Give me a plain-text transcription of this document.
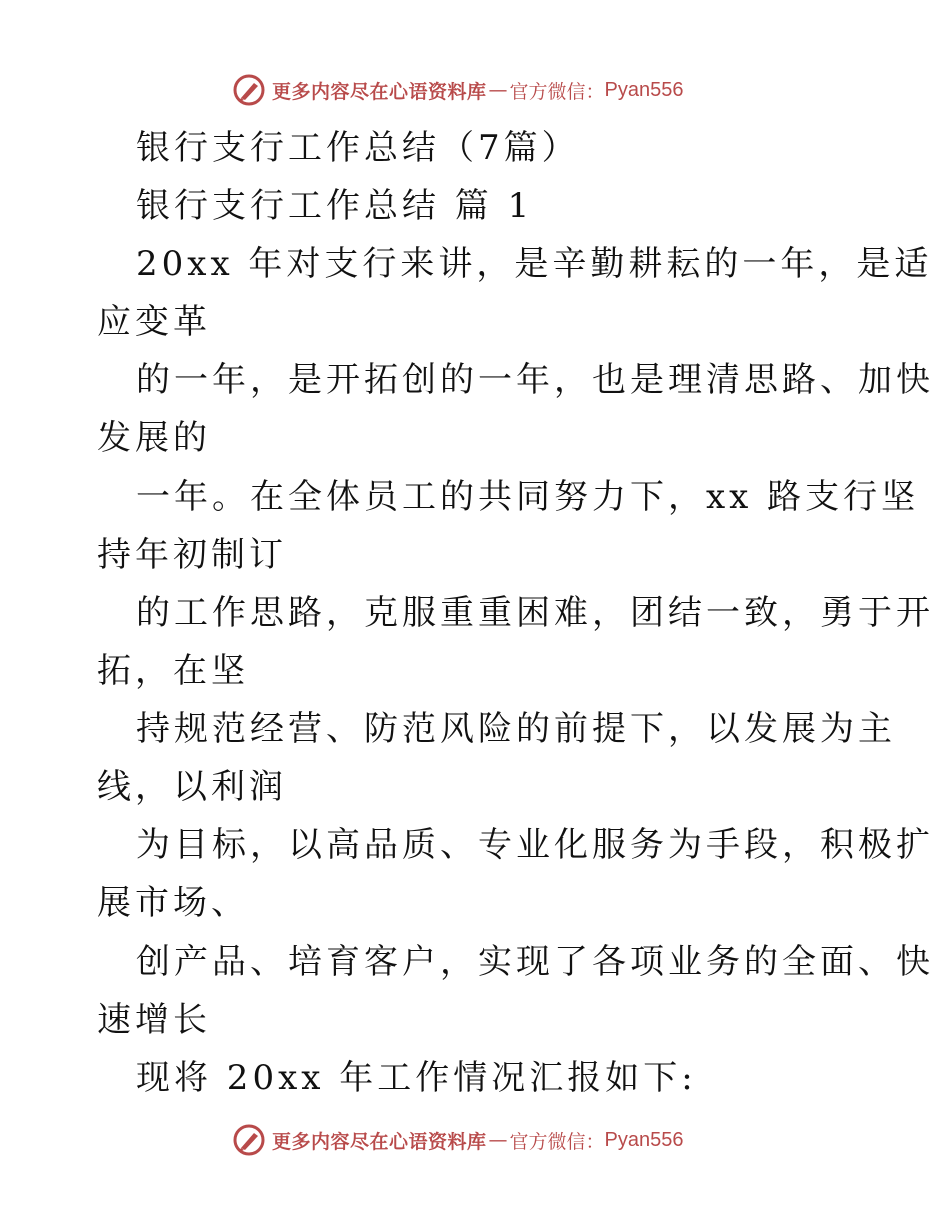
更多内容尽在心语资料库 — 官方微信： Pyan556
银行支行工作总结（7篇）
银行支行工作总结 篇 1
20xx 年对支行来讲，是辛勤耕耘的一年，是适
应变革
的一年，是开拓创的一年，也是理清思路、加快
发展的
一年。在全体员工的共同努力下，xx 路支行坚
持年初制订
的工作思路，克服重重困难，团结一致，勇于开
拓，在坚
持规范经营、防范风险的前提下，以发展为主
线，以利润
为目标，以高品质、专业化服务为手段，积极扩
展市场、
创产品、培育客户，实现了各项业务的全面、快
速增长
现将 20xx 年工作情况汇报如下:
更多内容尽在心语资料库 — 官方微信： Pyan556
